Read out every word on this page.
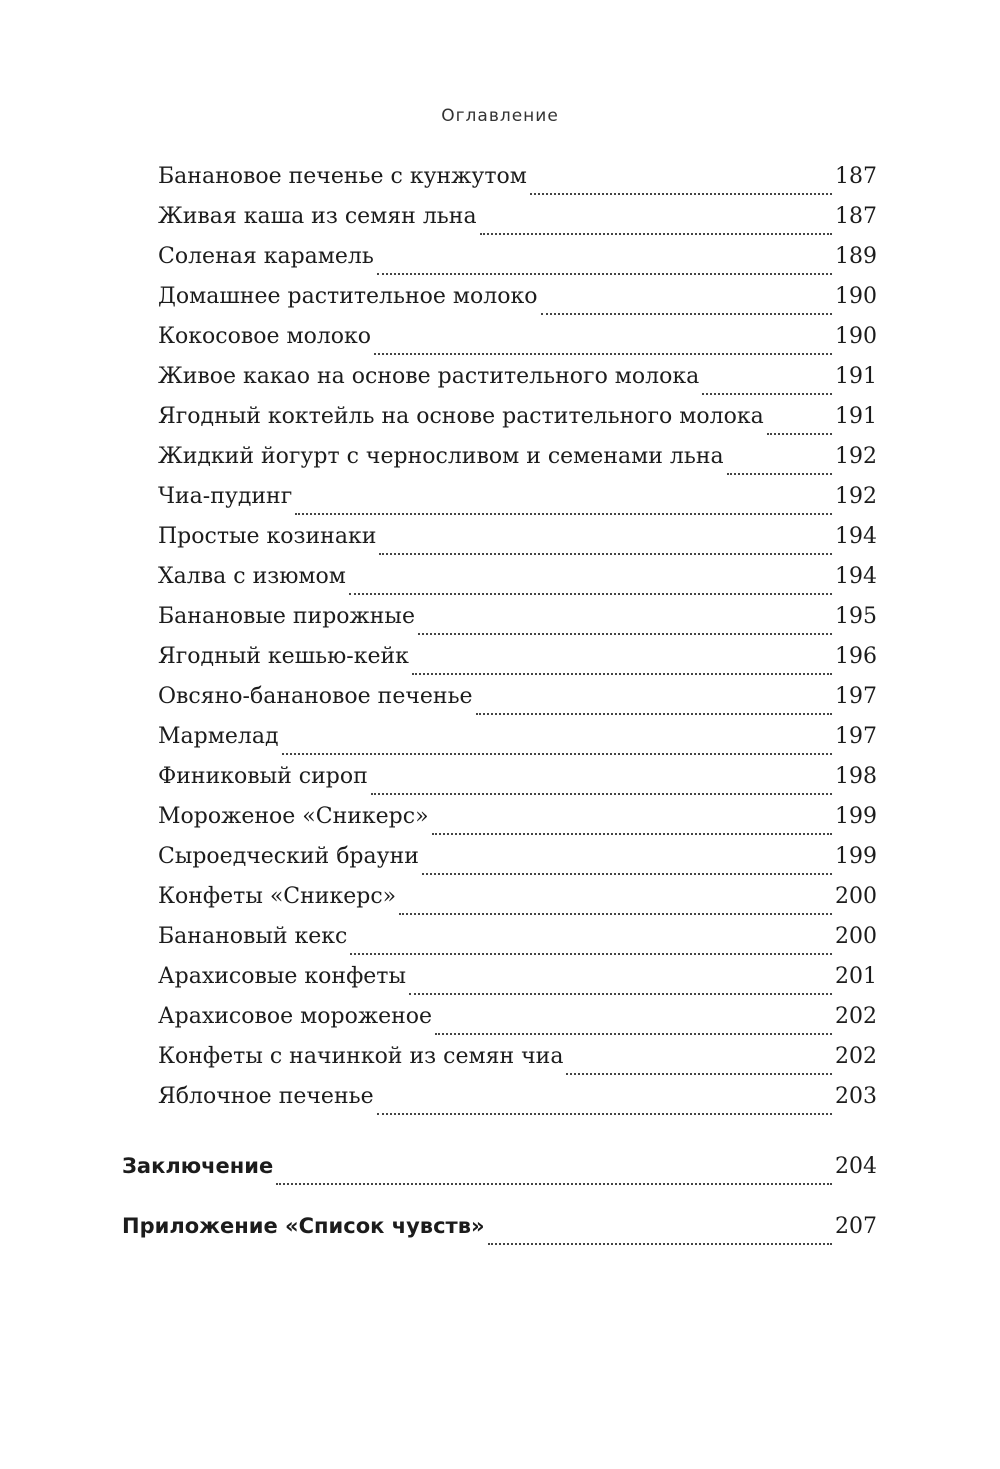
Оглавление
Банановое печенье с кунжутом	187
Живая каша из семян льна	187
Соленая карамель	189
Домашнее растительное молоко	190
Кокосовое молоко	190
Живое какао на основе растительного молока	191
Ягодный коктейль на основе растительного молока	191
Жидкий йогурт с черносливом и семенами льна	192
Чиа-пудинг	192
Простые козинаки	194
Халва с изюмом	194
Банановые пирожные	195
Ягодный кешью-кейк	196
Овсяно-банановое печенье	197
Мармелад	197
Финиковый сироп	198
Мороженое «Сникерс»	199
Сыроедческий брауни	199
Конфеты «Сникерс»	200
Банановый кекс	200
Арахисовые конфеты	201
Арахисовое мороженое	202
Конфеты с начинкой из семян чиа	202
Яблочное печенье	203
Заключение	204
Приложение «Список чувств»	207
